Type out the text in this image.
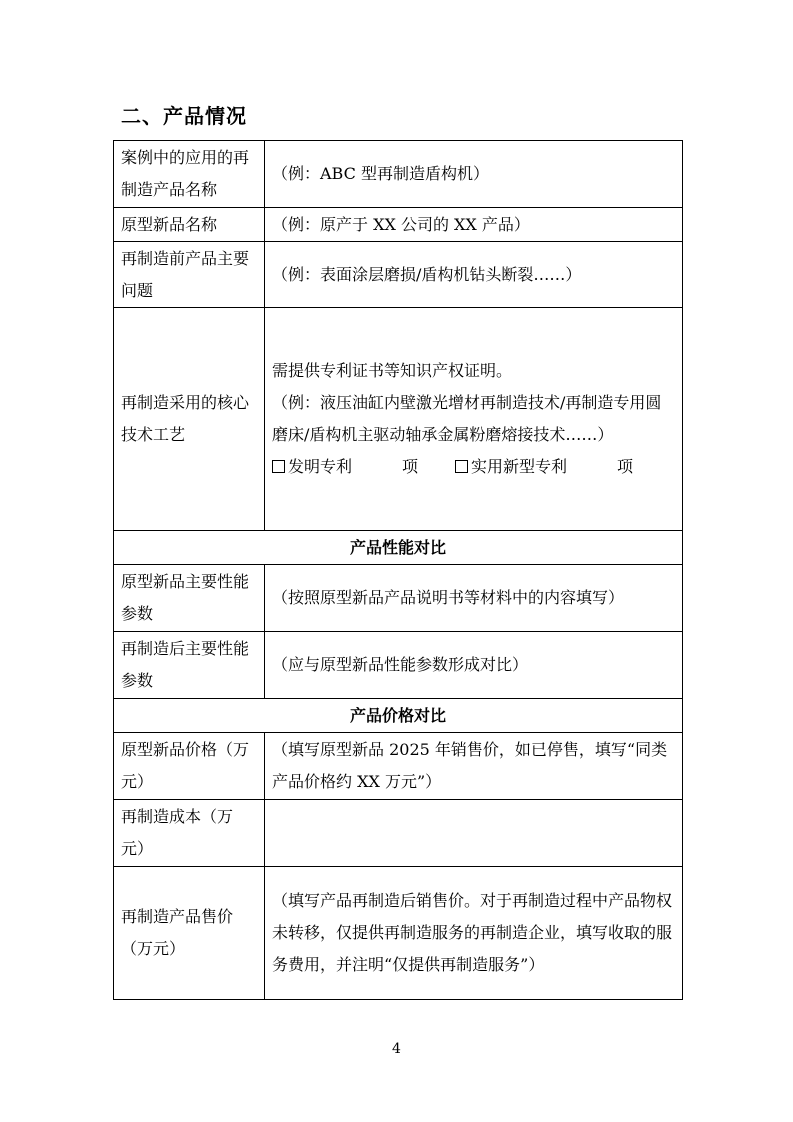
二、产品情况
案例中的应用的再制造产品名称	（例：ABC 型再制造盾构机）
原型新品名称	（例：原产于 XX 公司的 XX 产品）
再制造前产品主要问题	（例：表面涂层磨损/盾构机钻头断裂……）
再制造采用的核心技术工艺	需提供专利证书等知识产权证明。
（例：液压油缸内壁激光增材再制造技术/再制造专用圆磨床/盾构机主驱动轴承金属粉磨熔接技术……）
发明专利 项 实用新型专利 项

产品性能对比	
原型新品主要性能参数	（按照原型新品产品说明书等材料中的内容填写）
再制造后主要性能参数	（应与原型新品性能参数形成对比）
产品价格对比	
原型新品价格（万元）	（填写原型新品 2025 年销售价，如已停售，填写“同类产品价格约 XX 万元”）
再制造成本（万元）	
再制造产品售价（万元）	（填写产品再制造后销售价。对于再制造过程中产品物权未转移，仅提供再制造服务的再制造企业，填写收取的服务费用，并注明“仅提供再制造服务”）
4
